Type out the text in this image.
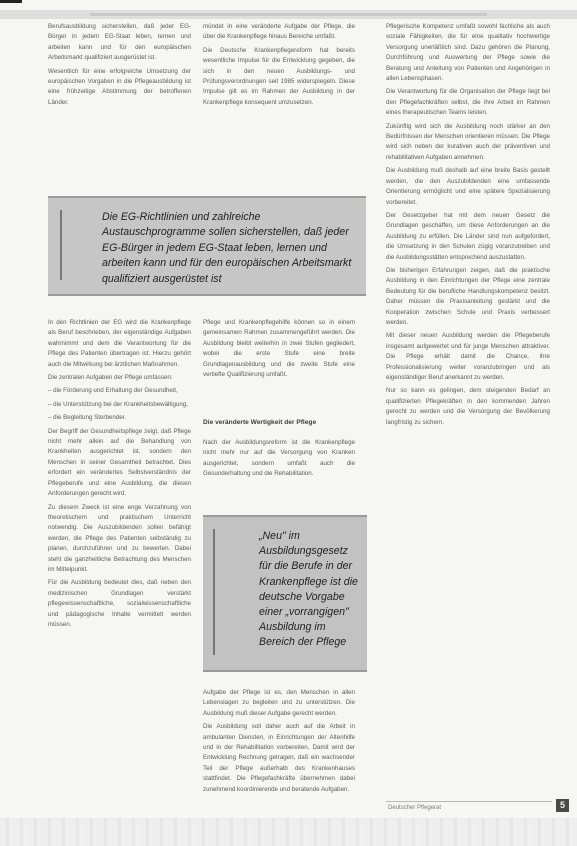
Berufsausbildung sicherstellen, daß jeder EG-Bürger in jedem EG-Staat leben, lernen und arbeiten kann und für den europäischen Arbeitsmarkt qualifiziert ausgerüstet ist.

Wesentlich für eine erfolgreiche Umsetzung der europäischen Vorgaben in die Pflegeausbildung ist eine frühzeitige Abstimmung der betroffenen Länder.

mündet in eine veränderte Aufgabe der Pflege, die über die Krankenpflege hinaus Bereiche umfaßt.

Die Deutsche Krankenpflegereform hat bereits wesentliche Impulse für die Entwicklung gegeben, die sich in den neuen Ausbildungs- und Prüfungsverordnungen seit 1985 widerspiegeln. Diese Impulse gilt es im Rahmen der Ausbildung in der Krankenpflege konsequent umzusetzen.

Pflegerische Kompetenz umfaßt sowohl fachliche als auch soziale Fähigkeiten, die für eine qualitativ hochwertige Versorgung unerläßlich sind. Dazu gehören die Planung, Durchführung und Auswertung der Pflege sowie die Beratung und Anleitung von Patienten und Angehörigen in allen Lebensphasen.

Die Verantwortung für die Organisation der Pflege liegt bei den Pflegefachkräften selbst, die ihre Arbeit im Rahmen eines therapeutischen Teams leisten.

Zukünftig wird sich die Ausbildung noch stärker an den Bedürfnissen der Menschen orientieren müssen. Die Pflege wird sich neben der kurativen auch der präventiven und rehabilitativen Aufgaben annehmen.

Die Ausbildung muß deshalb auf eine breite Basis gestellt werden, die den Auszubildenden eine umfassende Orientierung ermöglicht und eine spätere Spezialisierung vorbereitet.

Der Gesetzgeber hat mit dem neuen Gesetz die Grundlagen geschaffen, um diese Anforderungen an die Ausbildung zu erfüllen. Die Länder sind nun aufgefordert, die Umsetzung in den Schulen zügig voranzutreiben und die Ausbildungsstätten entsprechend auszustatten.

Die bisherigen Erfahrungen zeigen, daß die praktische Ausbildung in den Einrichtungen der Pflege eine zentrale Bedeutung für die berufliche Handlungskompetenz besitzt. Daher müssen die Praxisanleitung gestärkt und die Kooperation zwischen Schule und Praxis verbessert werden.

Mit dieser neuen Ausbildung werden die Pflegeberufe insgesamt aufgewertet und für junge Menschen attraktiver. Die Pflege erhält damit die Chance, ihre Professionalisierung weiter voranzubringen und als eigenständiger Beruf anerkannt zu werden.

Nur so kann es gelingen, dem steigenden Bedarf an qualifizierten Pflegekräften in den kommenden Jahren gerecht zu werden und die Versorgung der Bevölkerung langfristig zu sichern.

Die EG-Richtlinien und zahlreiche Austauschprogramme sollen sicherstellen, daß jeder EG-Bürger in jedem EG-Staat leben, lernen und arbeiten kann und für den europäischen Arbeitsmarkt qualifiziert ausgerüstet ist

In den Richtlinien der EG wird die Krankenpflege als Beruf beschrieben, der eigenständige Aufgaben wahrnimmt und dem die Verantwortung für die Pflege des Patienten übertragen ist. Hierzu gehört auch die Mitwirkung bei ärztlichen Maßnahmen.

Die zentralen Aufgaben der Pflege umfassen:

– die Förderung und Erhaltung der Gesundheit,

– die Unterstützung bei der Krankheitsbewältigung,

– die Begleitung Sterbender.

Der Begriff der Gesundheitspflege zeigt, daß Pflege nicht mehr allein auf die Behandlung von Krankheiten ausgerichtet ist, sondern den Menschen in seiner Gesamtheit betrachtet. Dies erfordert ein verändertes Selbstverständnis der Pflegeberufe und eine Ausbildung, die diesen Anforderungen gerecht wird.

Zu diesem Zweck ist eine enge Verzahnung von theoretischem und praktischem Unterricht notwendig. Die Auszubildenden sollen befähigt werden, die Pflege des Patienten selbständig zu planen, durchzuführen und zu bewerten. Dabei steht die ganzheitliche Betrachtung des Menschen im Mittelpunkt.

Für die Ausbildung bedeutet dies, daß neben den medizinischen Grundlagen verstärkt pflegewissenschaftliche, sozialwissenschaftliche und pädagogische Inhalte vermittelt werden müssen.

Pflege und Krankenpflegehilfe können so in einem gemeinsamen Rahmen zusammengeführt werden. Die Ausbildung bleibt weiterhin in zwei Stufen gegliedert, wobei die erste Stufe eine breite Grundlagenausbildung und die zweite Stufe eine vertiefte Qualifizierung umfaßt.

Die veränderte Wertigkeit der Pflege

Nach der Ausbildungsreform ist die Krankenpflege nicht mehr nur auf die Versorgung von Kranken ausgerichtet, sondern umfaßt auch die Gesunderhaltung und die Rehabilitation.

„Neu" im Ausbildungsgesetz für die Berufe in der Krankenpflege ist die deutsche Vorgabe einer „vorrangigen" Ausbildung im Bereich der Pflege

Aufgabe der Pflege ist es, den Menschen in allen Lebenslagen zu begleiten und zu unterstützen. Die Ausbildung muß dieser Aufgabe gerecht werden.

Die Ausbildung soll daher auch auf die Arbeit in ambulanten Diensten, in Einrichtungen der Altenhilfe und in der Rehabilitation vorbereiten. Damit wird der Entwicklung Rechnung getragen, daß ein wachsender Teil der Pflege außerhalb des Krankenhauses stattfindet. Die Pflegefachkräfte übernehmen dabei zunehmend koordinierende und beratende Aufgaben.

Deutscher Pflegerat	5
